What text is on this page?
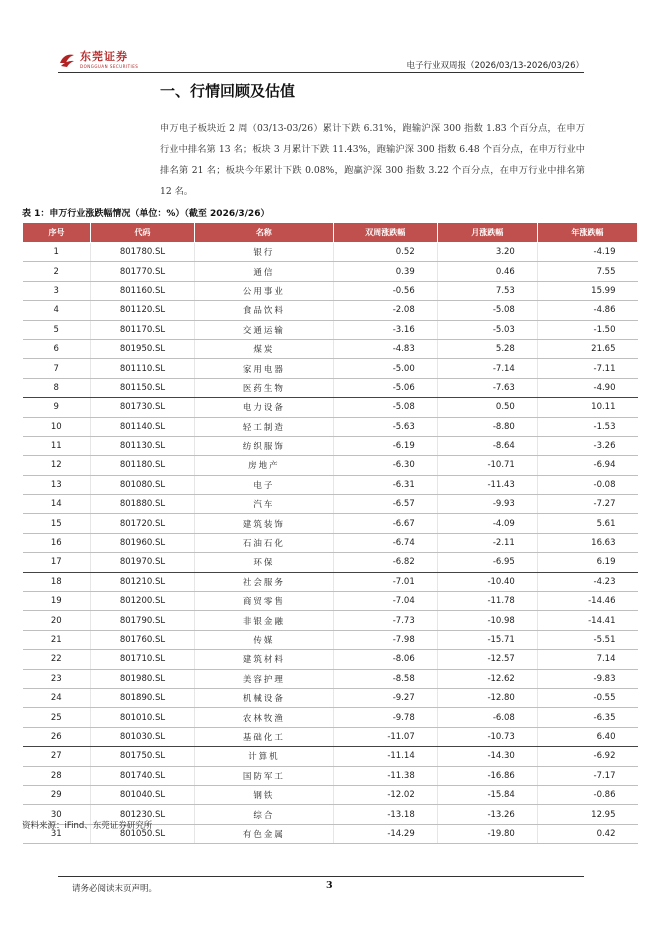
东莞证券
DONGGUAN SECURITIES	电子行业双周报（2026/03/13-2026/03/26）
一、行情回顾及估值

申万电子板块近 2 周（03/13-03/26）累计下跌 6.31%，跑输沪深 300 指数 1.83 个百分点，在申万行业中排名第 13 名；板块 3 月累计下跌 11.43%，跑输沪深 300 指数 6.48 个百分点，在申万行业中排名第 21 名；板块今年累计下跌 0.08%，跑赢沪深 300 指数 3.22 个百分点，在申万行业中排名第 12 名。

表 1：申万行业涨跌幅情况（单位：%）（截至 2026/3/26）
序号	代码	名称	双周涨跌幅	月涨跌幅	年涨跌幅
1	801780.SL	银行	0.52	3.20	-4.19
2	801770.SL	通信	0.39	0.46	7.55
3	801160.SL	公用事业	-0.56	7.53	15.99
4	801120.SL	食品饮料	-2.08	-5.08	-4.86
5	801170.SL	交通运输	-3.16	-5.03	-1.50
6	801950.SL	煤炭	-4.83	5.28	21.65
7	801110.SL	家用电器	-5.00	-7.14	-7.11
8	801150.SL	医药生物	-5.06	-7.63	-4.90
9	801730.SL	电力设备	-5.08	0.50	10.11
10	801140.SL	轻工制造	-5.63	-8.80	-1.53
11	801130.SL	纺织服饰	-6.19	-8.64	-3.26
12	801180.SL	房地产	-6.30	-10.71	-6.94
13	801080.SL	电子	-6.31	-11.43	-0.08
14	801880.SL	汽车	-6.57	-9.93	-7.27
15	801720.SL	建筑装饰	-6.67	-4.09	5.61
16	801960.SL	石油石化	-6.74	-2.11	16.63
17	801970.SL	环保	-6.82	-6.95	6.19
18	801210.SL	社会服务	-7.01	-10.40	-4.23
19	801200.SL	商贸零售	-7.04	-11.78	-14.46
20	801790.SL	非银金融	-7.73	-10.98	-14.41
21	801760.SL	传媒	-7.98	-15.71	-5.51
22	801710.SL	建筑材料	-8.06	-12.57	7.14
23	801980.SL	美容护理	-8.58	-12.62	-9.83
24	801890.SL	机械设备	-9.27	-12.80	-0.55
25	801010.SL	农林牧渔	-9.78	-6.08	-6.35
26	801030.SL	基础化工	-11.07	-10.73	6.40
27	801750.SL	计算机	-11.14	-14.30	-6.92
28	801740.SL	国防军工	-11.38	-16.86	-7.17
29	801040.SL	钢铁	-12.02	-15.84	-0.86
30	801230.SL	综合	-13.18	-13.26	12.95
31	801050.SL	有色金属	-14.29	-19.80	0.42
资料来源：iFind、东莞证券研究所
请务必阅读末页声明。	3
